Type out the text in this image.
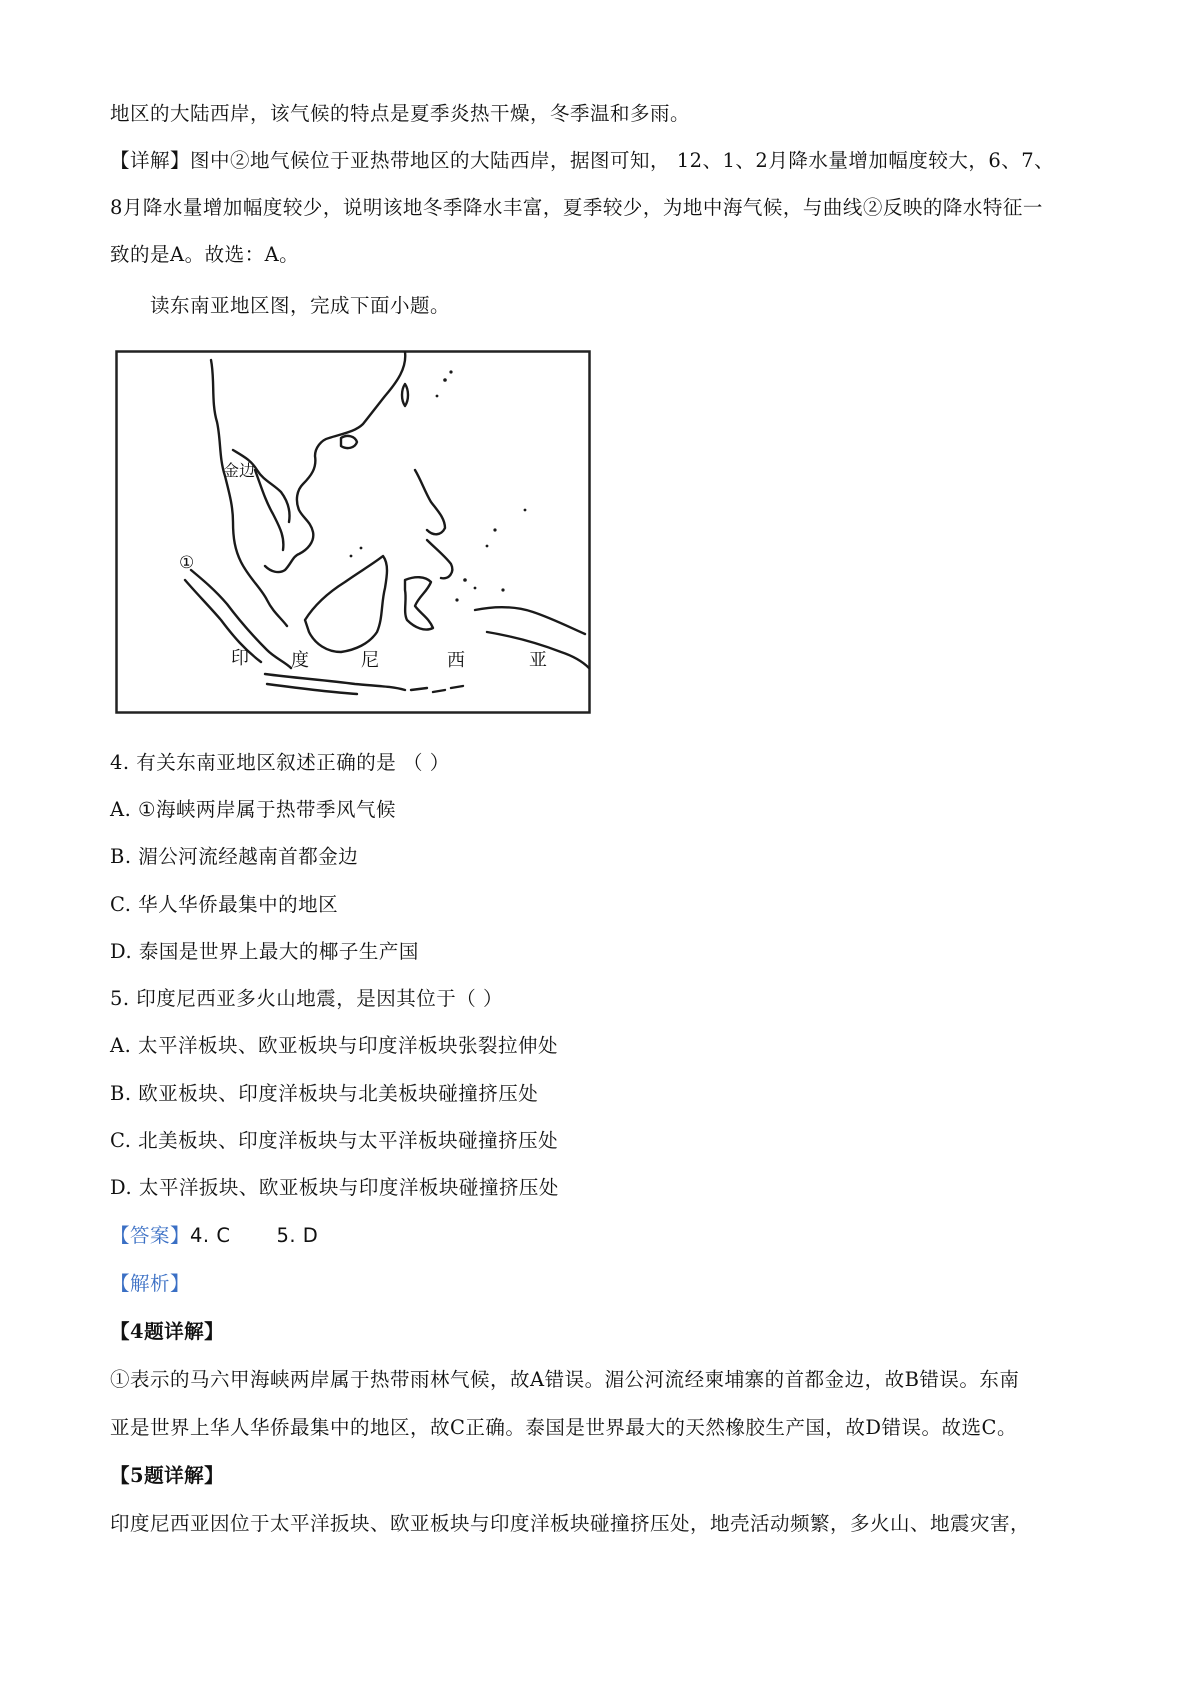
地区的大陆西岸，该气候的特点是夏季炎热干燥，冬季温和多雨。
【详解】图中②地气候位于亚热带地区的大陆西岸，据图可知， 12、1、2月降水量增加幅度较大，6、7、
8月降水量增加幅度较少，说明该地冬季降水丰富，夏季较少，为地中海气候，与曲线②反映的降水特征一
致的是A。故选：A。
读东南亚地区图，完成下面小题。
金边
①
印 度	尼	西	亚
4. 有关东南亚地区叙述正确的是 （ ）
A. ①海峡两岸属于热带季风气候
B. 湄公河流经越南首都金边
C. 华人华侨最集中的地区
D. 泰国是世界上最大的椰子生产国
5. 印度尼西亚多火山地震，是因其位于（ ）
A. 太平洋板块、欧亚板块与印度洋板块张裂拉伸处
B. 欧亚板块、印度洋板块与北美板块碰撞挤压处
C. 北美板块、印度洋板块与太平洋板块碰撞挤压处
D. 太平洋扳块、欧亚板块与印度洋板块碰撞挤压处
【答案】4. C 5. D
【解析】
【4题详解】
①表示的马六甲海峡两岸属于热带雨林气候，故A错误。湄公河流经柬埔寨的首都金边，故B错误。东南
亚是世界上华人华侨最集中的地区，故C正确。泰国是世界最大的天然橡胶生产国，故D错误。故选C。
【5题详解】
印度尼西亚因位于太平洋扳块、欧亚板块与印度洋板块碰撞挤压处，地壳活动频繁，多火山、地震灾害，
